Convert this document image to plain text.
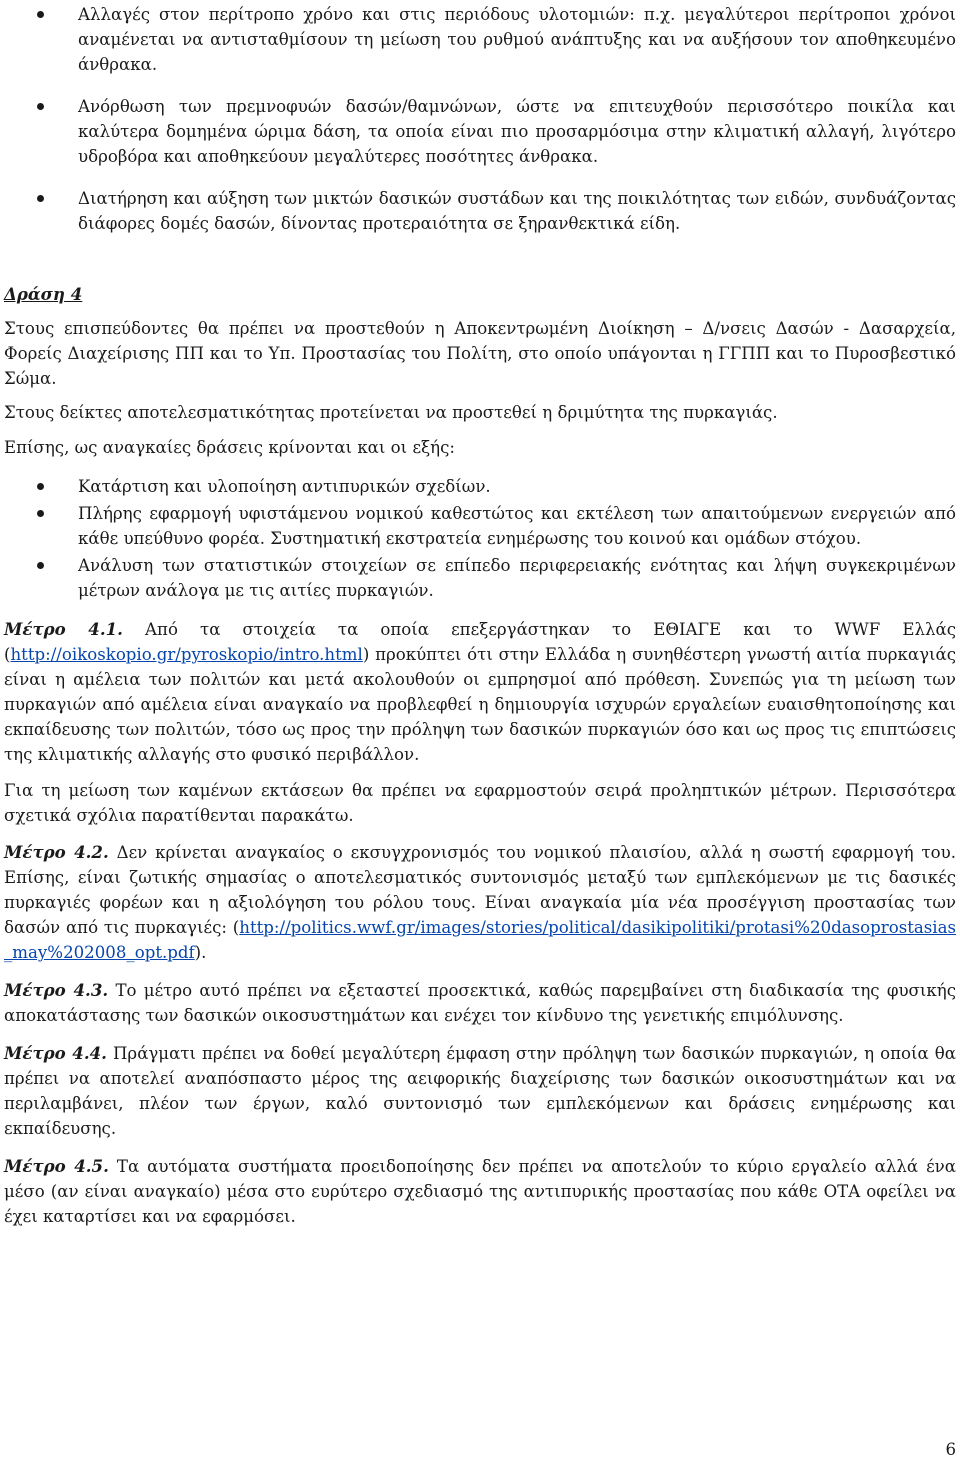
Αλλαγές στον περίτροπο χρόνο και στις περιόδους υλοτομιών: π.χ. μεγαλύτεροι περίτροποι χρόνοι αναμένεται να αντισταθμίσουν τη μείωση του ρυθμού ανάπτυξης και να αυξήσουν τον αποθηκευμένο άνθρακα.
Ανόρθωση των πρεμνοφυών δασών/θαμνώνων, ώστε να επιτευχθούν περισσότερο ποικίλα και καλύτερα δομημένα ώριμα δάση, τα οποία είναι πιο προσαρμόσιμα στην κλιματική αλλαγή, λιγότερο υδροβόρα και αποθηκεύουν μεγαλύτερες ποσότητες άνθρακα.
Διατήρηση και αύξηση των μικτών δασικών συστάδων και της ποικιλότητας των ειδών, συνδυάζοντας διάφορες δομές δασών, δίνοντας προτεραιότητα σε ξηρανθεκτικά είδη.

Δράση 4

Στους επισπεύδοντες θα πρέπει να προστεθούν η Αποκεντρωμένη Διοίκηση – Δ/νσεις Δασών - Δασαρχεία, Φορείς Διαχείρισης ΠΠ και το Υπ. Προστασίας του Πολίτη, στο οποίο υπάγονται η ΓΓΠΠ και το Πυροσβεστικό Σώμα.

Στους δείκτες αποτελεσματικότητας προτείνεται να προστεθεί η δριμύτητα της πυρκαγιάς.

Επίσης, ως αναγκαίες δράσεις κρίνονται και οι εξής:

Κατάρτιση και υλοποίηση αντιπυρικών σχεδίων.
Πλήρης εφαρμογή υφιστάμενου νομικού καθεστώτος και εκτέλεση των απαιτούμενων ενεργειών από κάθε υπεύθυνο φορέα. Συστηματική εκστρατεία ενημέρωσης του κοινού και ομάδων στόχου.
Ανάλυση των στατιστικών στοιχείων σε επίπεδο περιφερειακής ενότητας και λήψη συγκεκριμένων μέτρων ανάλογα με τις αιτίες πυρκαγιών.

Μέτρο 4.1. Από τα στοιχεία τα οποία επεξεργάστηκαν το ΕΘΙΑΓΕ και το WWF Ελλάς (http://oikoskopio.gr/pyroskopio/intro.html) προκύπτει ότι στην Ελλάδα η συνηθέστερη γνωστή αιτία πυρκαγιάς είναι η αμέλεια των πολιτών και μετά ακολουθούν οι εμπρησμοί από πρόθεση. Συνεπώς για τη μείωση των πυρκαγιών από αμέλεια είναι αναγκαίο να προβλεφθεί η δημιουργία ισχυρών εργαλείων ευαισθητοποίησης και εκπαίδευσης των πολιτών, τόσο ως προς την πρόληψη των δασικών πυρκαγιών όσο και ως προς τις επιπτώσεις της κλιματικής αλλαγής στο φυσικό περιβάλλον.

Για τη μείωση των καμένων εκτάσεων θα πρέπει να εφαρμοστούν σειρά προληπτικών μέτρων. Περισσότερα σχετικά σχόλια παρατίθενται παρακάτω.

Μέτρο 4.2. Δεν κρίνεται αναγκαίος ο εκσυγχρονισμός του νομικού πλαισίου, αλλά η σωστή εφαρμογή του. Επίσης, είναι ζωτικής σημασίας ο αποτελεσματικός συντονισμός μεταξύ των εμπλεκόμενων με τις δασικές πυρκαγιές φορέων και η αξιολόγηση του ρόλου τους. Είναι αναγκαία μία νέα προσέγγιση προστασίας των δασών από τις πυρκαγιές: (http://politics.wwf.gr/images/stories/political/dasikipolitiki/protasi%20dasoprostasias_may%202008_opt.pdf).

Μέτρο 4.3. Το μέτρο αυτό πρέπει να εξεταστεί προσεκτικά, καθώς παρεμβαίνει στη διαδικασία της φυσικής αποκατάστασης των δασικών οικοσυστημάτων και ενέχει τον κίνδυνο της γενετικής επιμόλυνσης.

Μέτρο 4.4. Πράγματι πρέπει να δοθεί μεγαλύτερη έμφαση στην πρόληψη των δασικών πυρκαγιών, η οποία θα πρέπει να αποτελεί αναπόσπαστο μέρος της αειφορικής διαχείρισης των δασικών οικοσυστημάτων και να περιλαμβάνει, πλέον των έργων, καλό συντονισμό των εμπλεκόμενων και δράσεις ενημέρωσης και εκπαίδευσης.

Μέτρο 4.5. Τα αυτόματα συστήματα προειδοποίησης δεν πρέπει να αποτελούν το κύριο εργαλείο αλλά ένα μέσο (αν είναι αναγκαίο) μέσα στο ευρύτερο σχεδιασμό της αντιπυρικής προστασίας που κάθε ΟΤΑ οφείλει να έχει καταρτίσει και να εφαρμόσει.

6
